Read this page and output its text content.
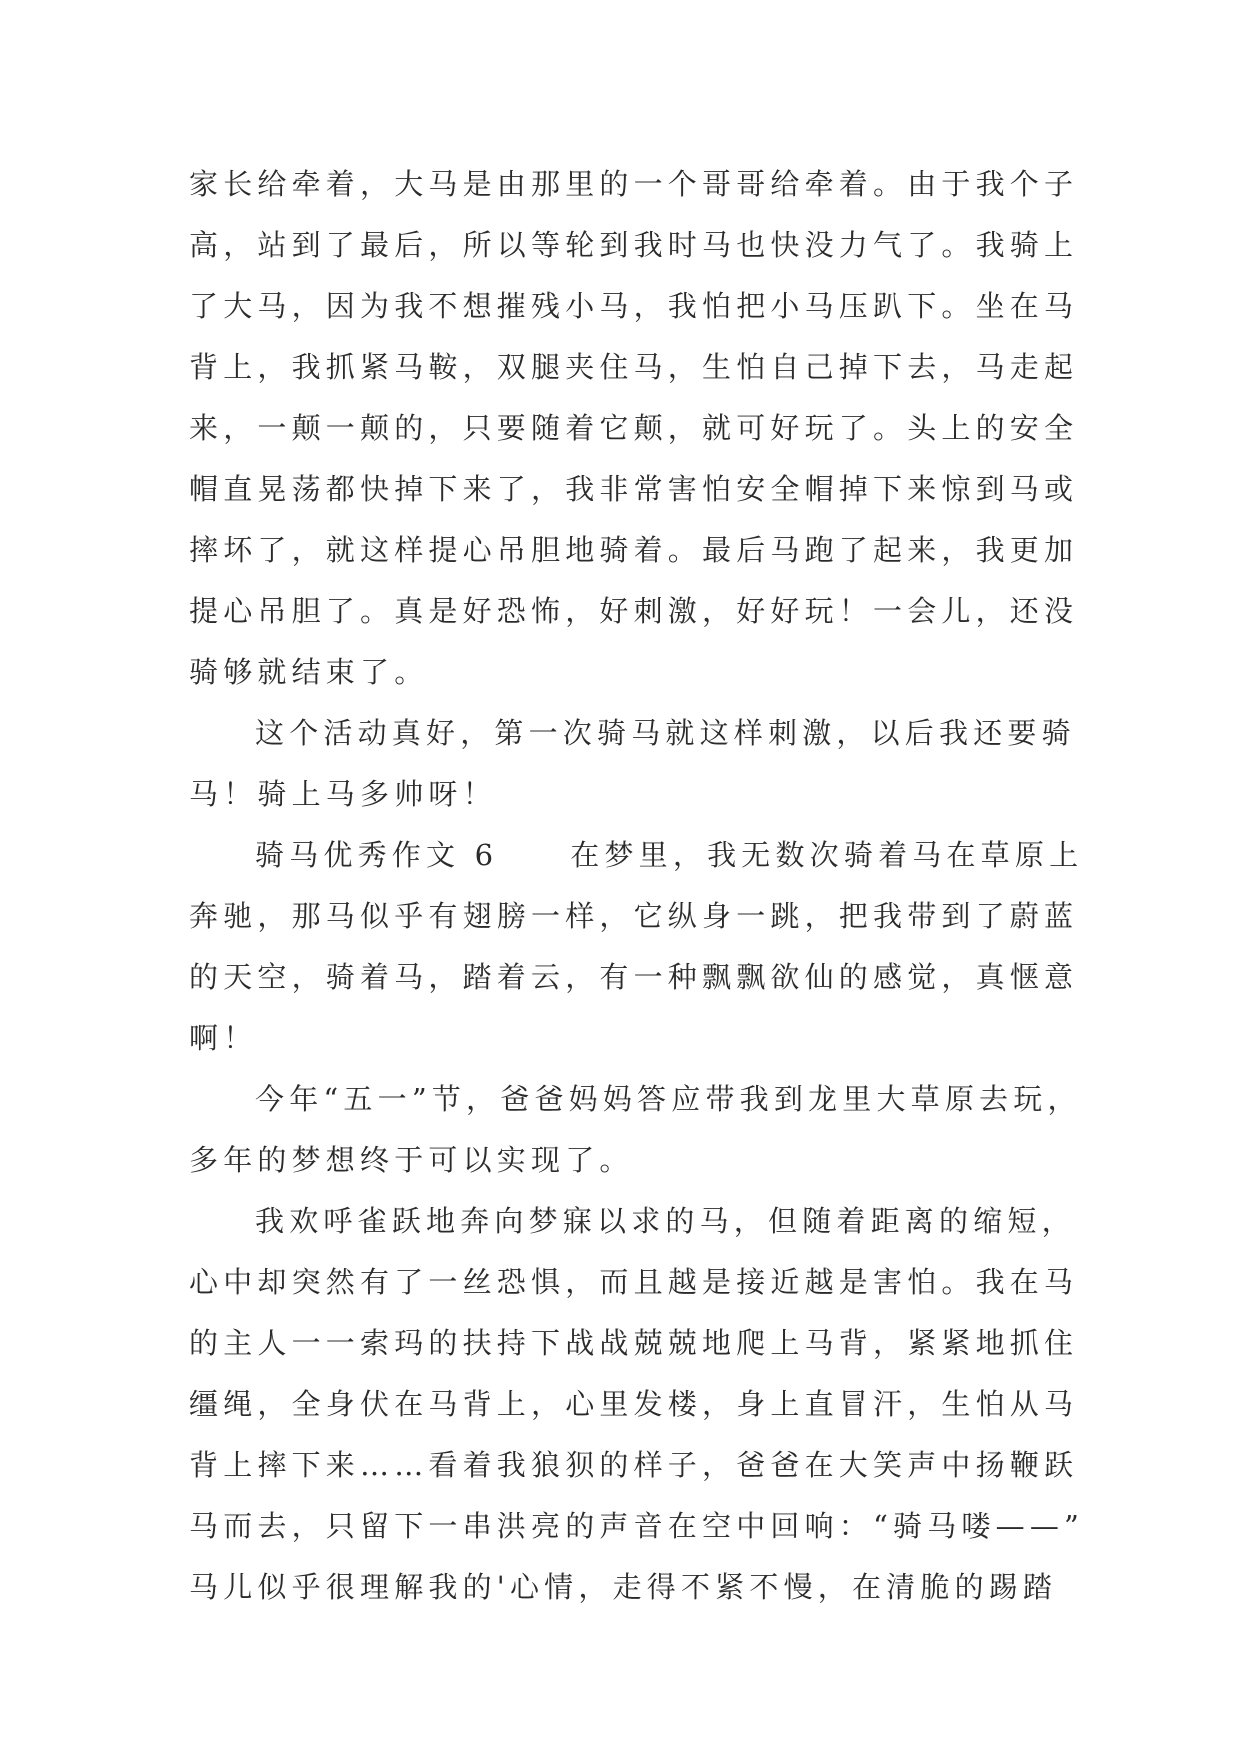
家长给牵着，大马是由那里的一个哥哥给牵着。由于我个子
高，站到了最后，所以等轮到我时马也快没力气了。我骑上
了大马，因为我不想摧残小马，我怕把小马压趴下。坐在马
背上，我抓紧马鞍，双腿夹住马，生怕自己掉下去，马走起
来，一颠一颠的，只要随着它颠，就可好玩了。头上的安全
帽直晃荡都快掉下来了，我非常害怕安全帽掉下来惊到马或
摔坏了，就这样提心吊胆地骑着。最后马跑了起来，我更加
提心吊胆了。真是好恐怖，好刺激，好好玩！一会儿，还没
骑够就结束了。
这个活动真好，第一次骑马就这样刺激，以后我还要骑
马！骑上马多帅呀！
骑马优秀作文 6 在梦里，我无数次骑着马在草原上
奔驰，那马似乎有翅膀一样，它纵身一跳，把我带到了蔚蓝
的天空，骑着马，踏着云，有一种飘飘欲仙的感觉，真惬意
啊！
今年“五一”节，爸爸妈妈答应带我到龙里大草原去玩，
多年的梦想终于可以实现了。
我欢呼雀跃地奔向梦寐以求的马，但随着距离的缩短，
心中却突然有了一丝恐惧，而且越是接近越是害怕。我在马
的主人一一索玛的扶持下战战兢兢地爬上马背，紧紧地抓住
缰绳，全身伏在马背上，心里发楼，身上直冒汗，生怕从马
背上摔下来……看着我狼狈的样子，爸爸在大笑声中扬鞭跃
马而去，只留下一串洪亮的声音在空中回响：“骑马喽——”
马儿似乎很理解我的'心情，走得不紧不慢，在清脆的踢踏
